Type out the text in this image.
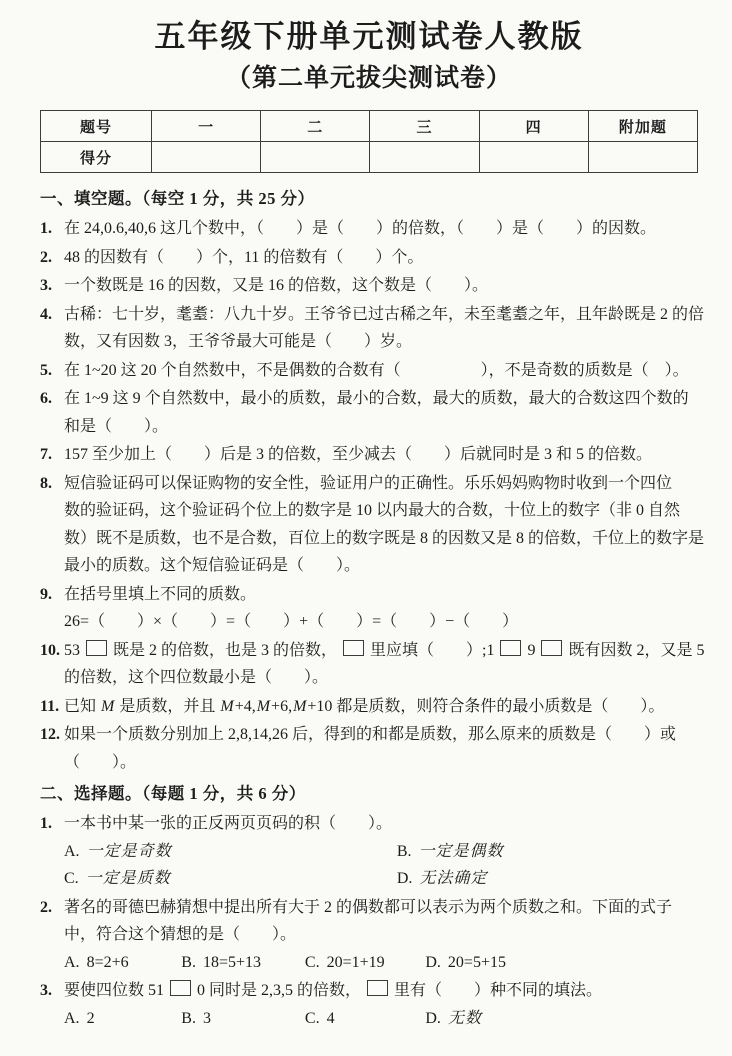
五年级下册单元测试卷人教版
（第二单元拔尖测试卷）
题号	一	二	三	四	附加题
得分					
一、填空题。（每空 1 分，共 25 分）
1. 在 24,0.6,40,6 这几个数中，（　　）是（　　）的倍数，（　　）是（　　）的因数。
2. 48 的因数有（　　）个，11 的倍数有（　　）个。
3. 一个数既是 16 的因数，又是 16 的倍数，这个数是（　　）。
4. 古稀：七十岁，耄耋：八九十岁。王爷爷已过古稀之年，未至耄耋之年，且年龄既是 2 的倍
数，又有因数 3，王爷爷最大可能是（　　）岁。
5. 在 1~20 这 20 个自然数中，不是偶数的合数有（　　　　　），不是奇数的质数是（　）。
6. 在 1~9 这 9 个自然数中，最小的质数，最小的合数，最大的质数，最大的合数这四个数的
和是（　　）。
7. 157 至少加上（　　）后是 3 的倍数，至少减去（　　）后就同时是 3 和 5 的倍数。
8. 短信验证码可以保证购物的安全性，验证用户的正确性。乐乐妈妈购物时收到一个四位
数的验证码，这个验证码个位上的数字是 10 以内最大的合数，十位上的数字（非 0 自然
数）既不是质数，也不是合数，百位上的数字既是 8 的因数又是 8 的倍数，千位上的数字是
最小的质数。这个短信验证码是（　　）。
9. 在括号里填上不同的质数。
26=（　　）×（　　）=（　　）+（　　）=（　　）−（　　）
10. 53 既是 2 的倍数，也是 3 的倍数， 里应填（　　）;1 9 既有因数 2，又是 5
的倍数，这个四位数最小是（　　）。
11. 已知 M 是质数，并且 M+4,M+6,M+10 都是质数，则符合条件的最小质数是（　　）。
12. 如果一个质数分别加上 2,8,14,26 后，得到的和都是质数，那么原来的质数是（　　）或
（　　）。
二、选择题。（每题 1 分，共 6 分）
1. 一本书中某一张的正反两页页码的积（　　）。
A. 一定是奇数	B. 一定是偶数
C. 一定是质数	D. 无法确定
2. 著名的哥德巴赫猜想中提出所有大于 2 的偶数都可以表示为两个质数之和。下面的式子
中，符合这个猜想的是（　　）。
A. 8=2+6	B. 18=5+13	C. 20=1+19	D. 20=5+15
3. 要使四位数 51 0 同时是 2,3,5 的倍数， 里有（　　）种不同的填法。
A. 2	B. 3	C. 4	D. 无数
